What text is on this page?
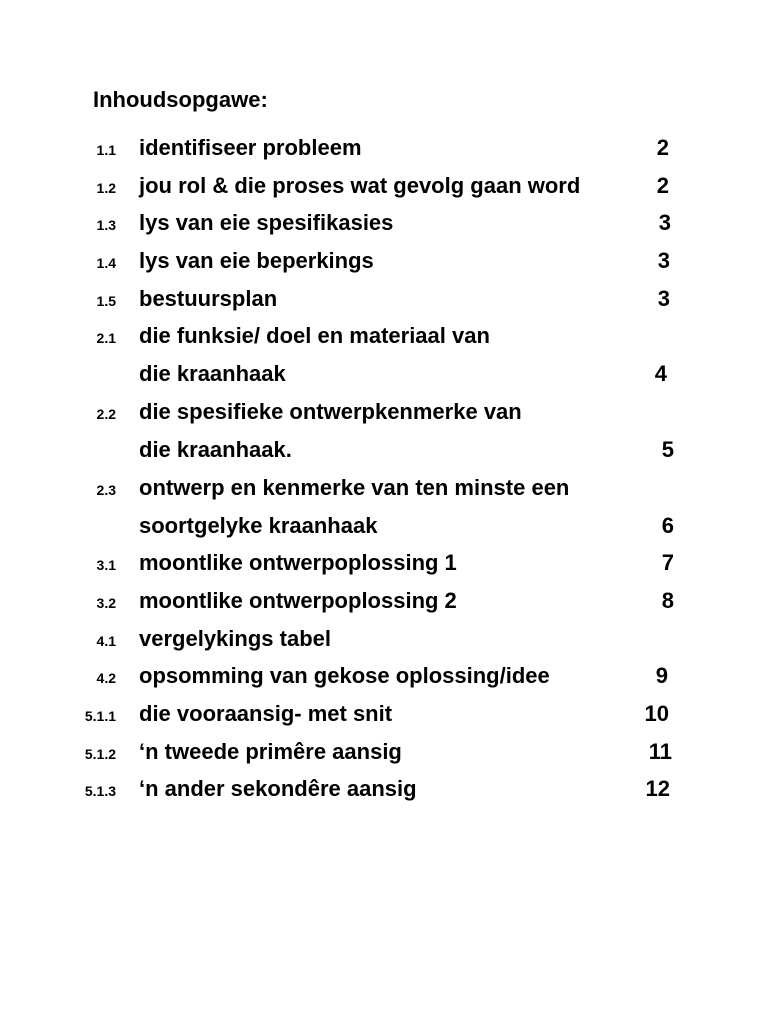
Inhoudsopgawe:
1.1 identifiseer probleem	2
1.2 jou rol & die proses wat gevolg gaan word	2
1.3 lys van eie spesifikasies	3
1.4 lys van eie beperkings	3
1.5 bestuursplan	3
2.1 die funksie/ doel en materiaal van
die kraanhaak	4
2.2 die spesifieke ontwerpkenmerke van
die kraanhaak.	5
2.3 ontwerp en kenmerke van ten minste een
soortgelyke kraanhaak	6
3.1 moontlike ontwerpoplossing 1	7
3.2 moontlike ontwerpoplossing 2	8
4.1 vergelykings tabel
4.2 opsomming van gekose oplossing/idee	9
5.1.1 die vooraansig- met snit	10
5.1.2 ‘n tweede primêre aansig	11
5.1.3 ‘n ander sekondêre aansig	12
